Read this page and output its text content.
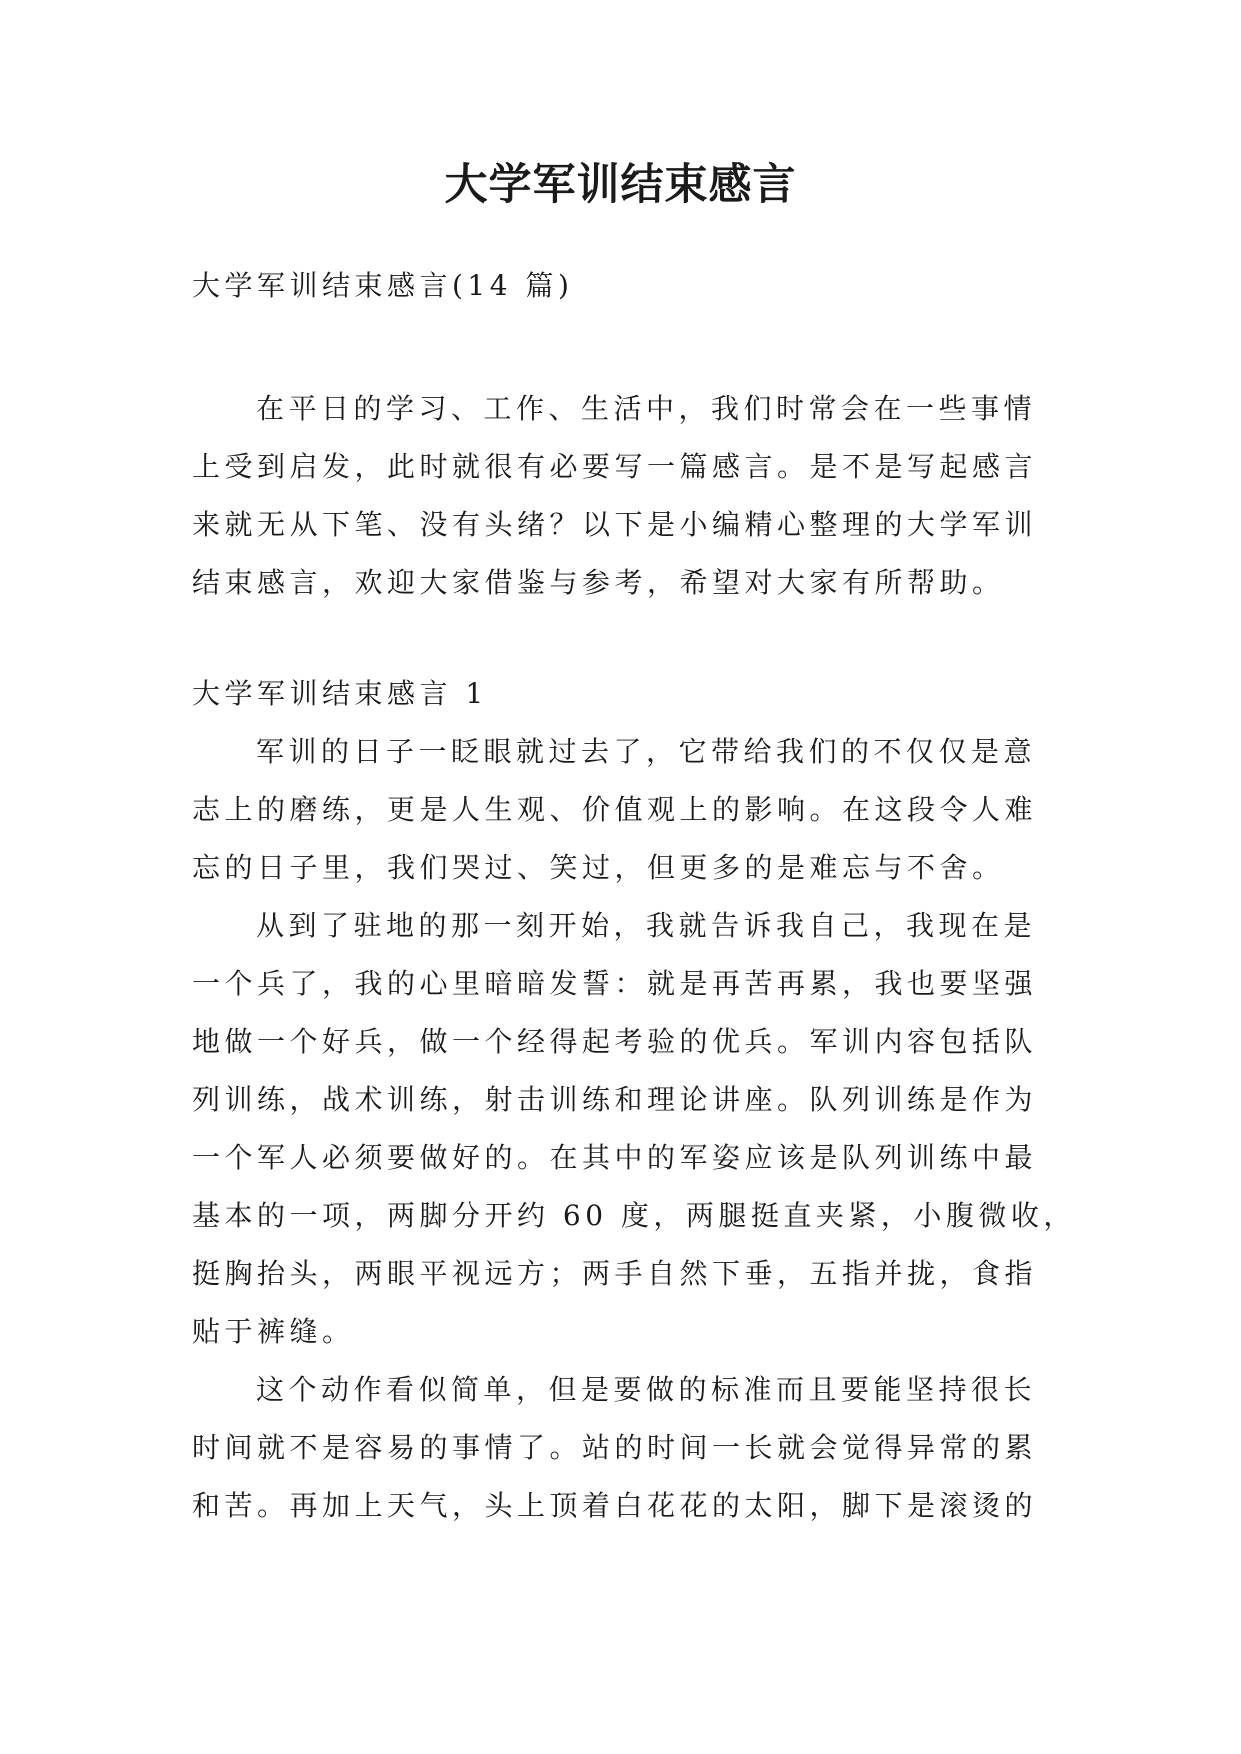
大学军训结束感言

大学军训结束感言(14 篇)

在平日的学习、工作、生活中，我们时常会在一些事情

上受到启发，此时就很有必要写一篇感言。是不是写起感言

来就无从下笔、没有头绪？以下是小编精心整理的大学军训

结束感言，欢迎大家借鉴与参考，希望对大家有所帮助。

大学军训结束感言 1

军训的日子一眨眼就过去了，它带给我们的不仅仅是意

志上的磨练，更是人生观、价值观上的影响。在这段令人难

忘的日子里，我们哭过、笑过，但更多的是难忘与不舍。

从到了驻地的那一刻开始，我就告诉我自己，我现在是

一个兵了，我的心里暗暗发誓：就是再苦再累，我也要坚强

地做一个好兵，做一个经得起考验的优兵。军训内容包括队

列训练，战术训练，射击训练和理论讲座。队列训练是作为

一个军人必须要做好的。在其中的军姿应该是队列训练中最

基本的一项，两脚分开约 60 度，两腿挺直夹紧，小腹微收，

挺胸抬头，两眼平视远方；两手自然下垂，五指并拢，食指

贴于裤缝。

这个动作看似简单，但是要做的标准而且要能坚持很长

时间就不是容易的事情了。站的时间一长就会觉得异常的累

和苦。再加上天气，头上顶着白花花的太阳，脚下是滚烫的
